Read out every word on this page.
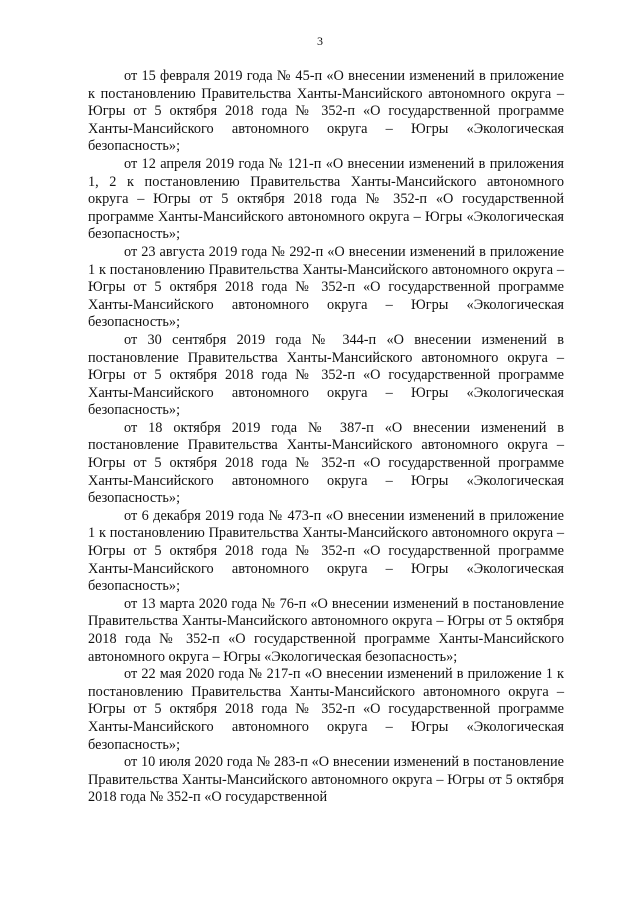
3

от 15 февраля 2019 года № 45-п «О внесении изменений в приложение к постановлению Правительства Ханты-Мансийского автономного округа – Югры от 5 октября 2018 года № 352-п «О государственной программе Ханты-Мансийского автономного округа – Югры «Экологическая безопасность»;

от 12 апреля 2019 года № 121-п «О внесении изменений в приложения 1, 2 к постановлению Правительства Ханты-Мансийского автономного округа – Югры от 5 октября 2018 года № 352-п «О государственной программе Ханты-Мансийского автономного округа – Югры «Экологическая безопасность»;

от 23 августа 2019 года № 292-п «О внесении изменений в приложение 1 к постановлению Правительства Ханты-Мансийского автономного округа – Югры от 5 октября 2018 года № 352-п «О государственной программе Ханты-Мансийского автономного округа – Югры «Экологическая безопасность»;

от 30 сентября 2019 года № 344-п «О внесении изменений в постановление Правительства Ханты-Мансийского автономного округа – Югры от 5 октября 2018 года № 352-п «О государственной программе Ханты-Мансийского автономного округа – Югры «Экологическая безопасность»;

от 18 октября 2019 года № 387-п «О внесении изменений в постановление Правительства Ханты-Мансийского автономного округа – Югры от 5 октября 2018 года № 352-п «О государственной программе Ханты-Мансийского автономного округа – Югры «Экологическая безопасность»;

от 6 декабря 2019 года № 473-п «О внесении изменений в приложение 1 к постановлению Правительства Ханты-Мансийского автономного округа – Югры от 5 октября 2018 года № 352-п «О государственной программе Ханты-Мансийского автономного округа – Югры «Экологическая безопасность»;

от 13 марта 2020 года № 76-п «О внесении изменений в постановление Правительства Ханты-Мансийского автономного округа – Югры от 5 октября 2018 года № 352-п «О государственной программе Ханты-Мансийского автономного округа – Югры «Экологическая безопасность»;

от 22 мая 2020 года № 217-п «О внесении изменений в приложение 1 к постановлению Правительства Ханты-Мансийского автономного округа – Югры от 5 октября 2018 года № 352-п «О государственной программе Ханты-Мансийского автономного округа – Югры «Экологическая безопасность»;

от 10 июля 2020 года № 283-п «О внесении изменений в постановление Правительства Ханты-Мансийского автономного округа – Югры от 5 октября 2018 года № 352-п «О государственной
